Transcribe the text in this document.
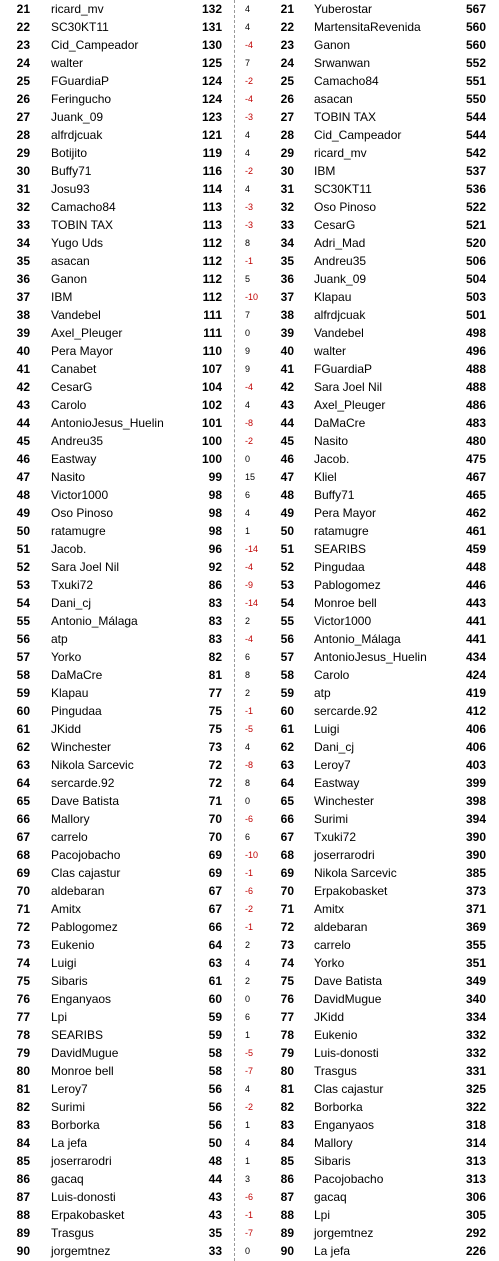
21 ricard_mv	132	4	21 Yuberostar	567
22 SC30KT11	131	4	22 MartensitaRevenida	560
23 Cid_Campeador	130	-4	23 Ganon	560
24 walter	125	7	24 Srwanwan	552
25 FGuardiaP	124	-2	25 Camacho84	551
26 Feringucho	124	-4	26 asacan	550
27 Juank_09	123	-3	27 TOBIN TAX	544
28 alfrdjcuak	121	4	28 Cid_Campeador	544
29 Botijito	119	4	29 ricard_mv	542
30 Buffy71	116	-2	30 IBM	537
31 Josu93	114	4	31 SC30KT11	536
32 Camacho84	113	-3	32 Oso Pinoso	522
33 TOBIN TAX	113	-3	33 CesarG	521
34 Yugo Uds	112	8	34 Adri_Mad	520
35 asacan	112	-1	35 Andreu35	506
36 Ganon	112	5	36 Juank_09	504
37 IBM	112	-10	37 Klapau	503
38 Vandebel	111	7	38 alfrdjcuak	501
39 Axel_Pleuger	111	0	39 Vandebel	498
40 Pera Mayor	110	9	40 walter	496
41 Canabet	107	9	41 FGuardiaP	488
42 CesarG	104	-4	42 Sara Joel Nil	488
43 Carolo	102	4	43 Axel_Pleuger	486
44 AntonioJesus_Huelin	101	-8	44 DaMaCre	483
45 Andreu35	100	-2	45 Nasito	480
46 Eastway	100	0	46 Jacob.	475
47 Nasito	99	15	47 Kliel	467
48 Victor1000	98	6	48 Buffy71	465
49 Oso Pinoso	98	4	49 Pera Mayor	462
50 ratamugre	98	1	50 ratamugre	461
51 Jacob.	96	-14	51 SEARIBS	459
52 Sara Joel Nil	92	-4	52 Pingudaa	448
53 Txuki72	86	-9	53 Pablogomez	446
54 Dani_cj	83	-14	54 Monroe bell	443
55 Antonio_Málaga	83	2	55 Victor1000	441
56 atp	83	-4	56 Antonio_Málaga	441
57 Yorko	82	6	57 AntonioJesus_Huelin	434
58 DaMaCre	81	8	58 Carolo	424
59 Klapau	77	2	59 atp	419
60 Pingudaa	75	-1	60 sercarde.92	412
61 JKidd	75	-5	61 Luigi	406
62 Winchester	73	4	62 Dani_cj	406
63 Nikola Sarcevic	72	-8	63 Leroy7	403
64 sercarde.92	72	8	64 Eastway	399
65 Dave Batista	71	0	65 Winchester	398
66 Mallory	70	-6	66 Surimi	394
67 carrelo	70	6	67 Txuki72	390
68 Pacojobacho	69	-10	68 joserrarodri	390
69 Clas cajastur	69	-1	69 Nikola Sarcevic	385
70 aldebaran	67	-6	70 Erpakobasket	373
71 Amitx	67	-2	71 Amitx	371
72 Pablogomez	66	-1	72 aldebaran	369
73 Eukenio	64	2	73 carrelo	355
74 Luigi	63	4	74 Yorko	351
75 Sibaris	61	2	75 Dave Batista	349
76 Enganyaos	60	0	76 DavidMugue	340
77 Lpi	59	6	77 JKidd	334
78 SEARIBS	59	1	78 Eukenio	332
79 DavidMugue	58	-5	79 Luis-donosti	332
80 Monroe bell	58	-7	80 Trasgus	331
81 Leroy7	56	4	81 Clas cajastur	325
82 Surimi	56	-2	82 Borborka	322
83 Borborka	56	1	83 Enganyaos	318
84 La jefa	50	4	84 Mallory	314
85 joserrarodri	48	1	85 Sibaris	313
86 gacaq	44	3	86 Pacojobacho	313
87 Luis-donosti	43	-6	87 gacaq	306
88 Erpakobasket	43	-1	88 Lpi	305
89 Trasgus	35	-7	89 jorgemtnez	292
90 jorgemtnez	33	0	90 La jefa	226
